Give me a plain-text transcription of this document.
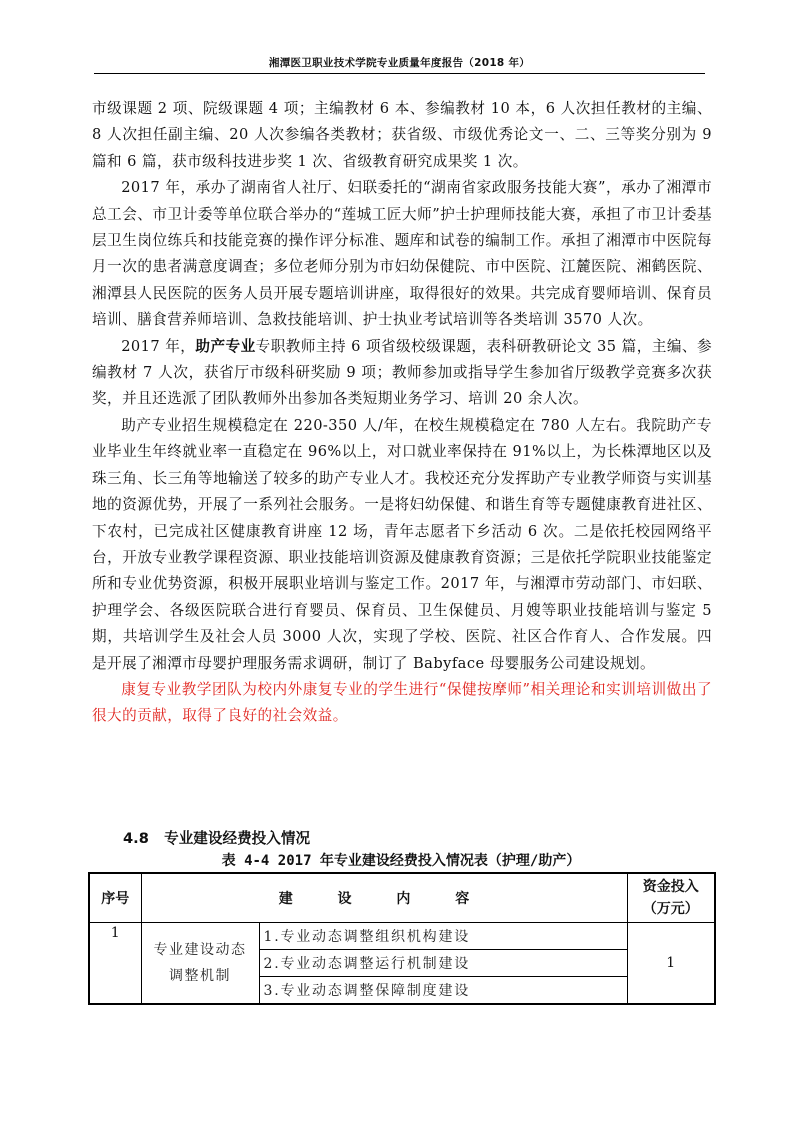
湘潭医卫职业技术学院专业质量年度报告（2018 年）

市级课题 2 项、院级课题 4 项；主编教材 6 本、参编教材 10 本，6 人次担任教材的主编、8 人次担任副主编、20 人次参编各类教材；获省级、市级优秀论文一、二、三等奖分别为 9 篇和 6 篇，获市级科技进步奖 1 次、省级教育研究成果奖 1 次。

2017 年，承办了湖南省人社厅、妇联委托的“湖南省家政服务技能大赛”，承办了湘潭市总工会、市卫计委等单位联合举办的“莲城工匠大师”护士护理师技能大赛，承担了市卫计委基层卫生岗位练兵和技能竞赛的操作评分标准、题库和试卷的编制工作。承担了湘潭市中医院每月一次的患者满意度调查；多位老师分别为市妇幼保健院、市中医院、江麓医院、湘鹤医院、湘潭县人民医院的医务人员开展专题培训讲座，取得很好的效果。共完成育婴师培训、保育员培训、膳食营养师培训、急救技能培训、护士执业考试培训等各类培训 3570 人次。

2017 年，助产专业专职教师主持 6 项省级校级课题，表科研教研论文 35 篇，主编、参编教材 7 人次，获省厅市级科研奖励 9 项；教师参加或指导学生参加省厅级教学竞赛多次获奖，并且还选派了团队教师外出参加各类短期业务学习、培训 20 余人次。

助产专业招生规模稳定在 220-350 人/年，在校生规模稳定在 780 人左右。我院助产专业毕业生年终就业率一直稳定在 96%以上，对口就业率保持在 91%以上，为长株潭地区以及珠三角、长三角等地输送了较多的助产专业人才。我校还充分发挥助产专业教学师资与实训基地的资源优势，开展了一系列社会服务。一是将妇幼保健、和谐生育等专题健康教育进社区、下农村，已完成社区健康教育讲座 12 场，青年志愿者下乡活动 6 次。二是依托校园网络平台，开放专业教学课程资源、职业技能培训资源及健康教育资源；三是依托学院职业技能鉴定所和专业优势资源，积极开展职业培训与鉴定工作。2017 年，与湘潭市劳动部门、市妇联、护理学会、各级医院联合进行育婴员、保育员、卫生保健员、月嫂等职业技能培训与鉴定 5 期，共培训学生及社会人员 3000 人次，实现了学校、医院、社区合作育人、合作发展。四是开展了湘潭市母婴护理服务需求调研，制订了 Babyface 母婴服务公司建设规划。

康复专业教学团队为校内外康复专业的学生进行“保健按摩师”相关理论和实训培训做出了很大的贡献，取得了良好的社会效益。

4.8 专业建设经费投入情况
表 4-4 2017 年专业建设经费投入情况表（护理/助产）
序号	建 设 内 容		资金投入
（万元）
1	专业建设动态
调整机制	1.专业动态调整组织机构建设	1
		2.专业动态调整运行机制建设	
		3.专业动态调整保障制度建设	
